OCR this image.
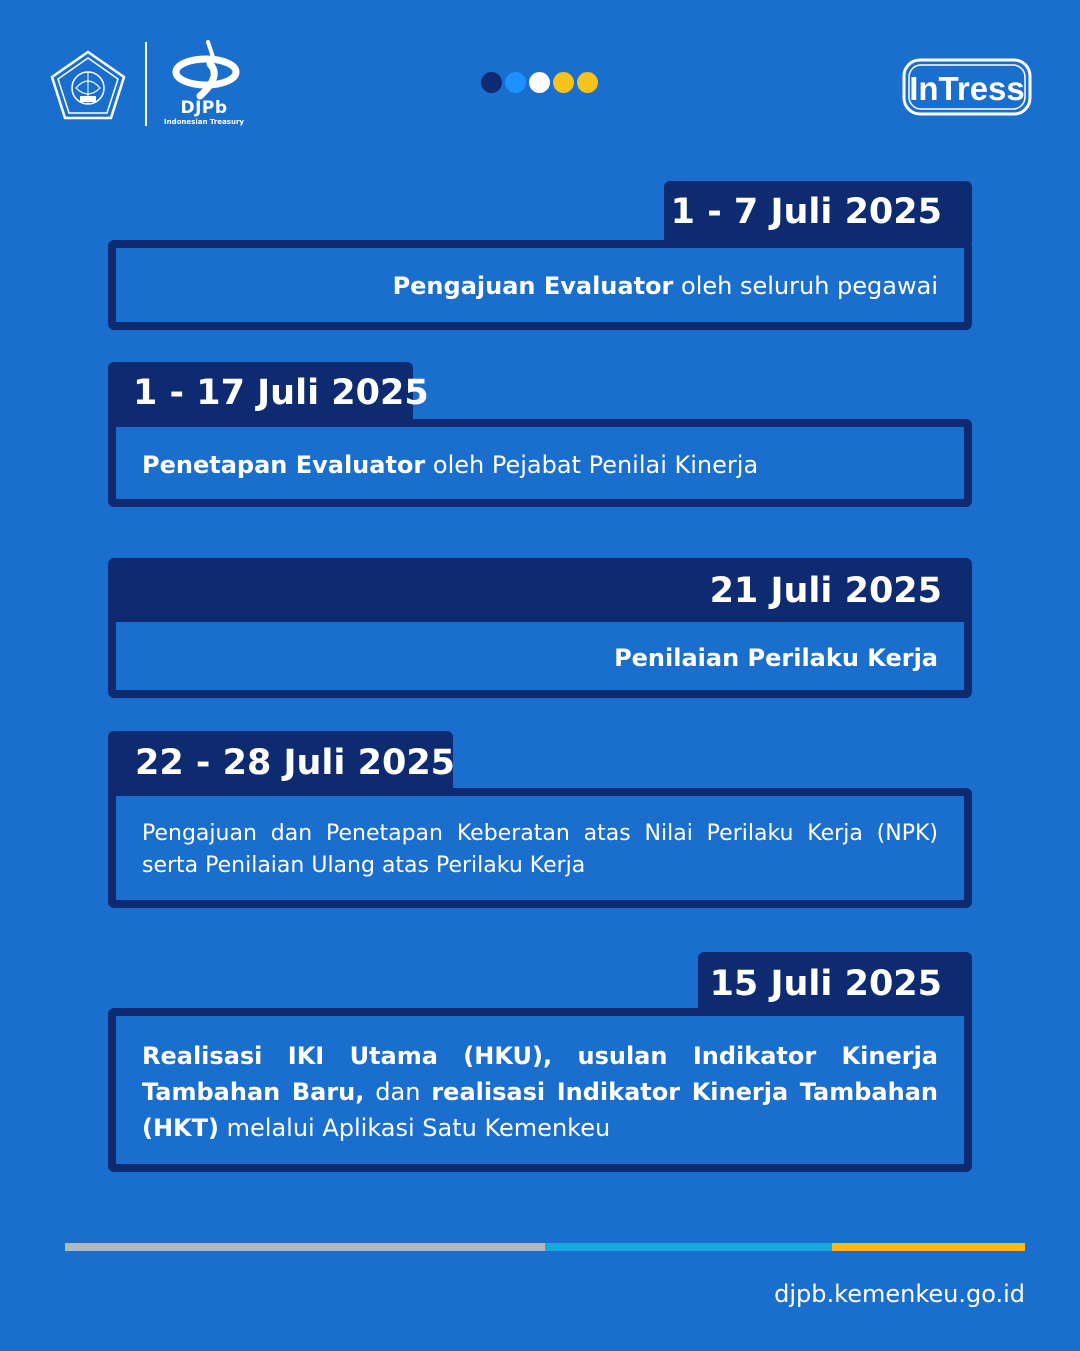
DJPb
Indonesian Treasury
InTress
1 - 7 Juli 2025
Pengajuan Evaluator oleh seluruh pegawai
1 - 17 Juli 2025
Penetapan Evaluator oleh Pejabat Penilai Kinerja
21 Juli 2025
Penilaian Perilaku Kerja
22 - 28 Juli 2025
Pengajuan dan Penetapan Keberatan atas Nilai Perilaku Kerja (NPK) serta Penilaian Ulang atas Perilaku Kerja
15 Juli 2025
Realisasi IKI Utama (HKU), usulan Indikator Kinerja Tambahan Baru, dan realisasi Indikator Kinerja Tambahan (HKT) melalui Aplikasi Satu Kemenkeu
djpb.kemenkeu.go.id
